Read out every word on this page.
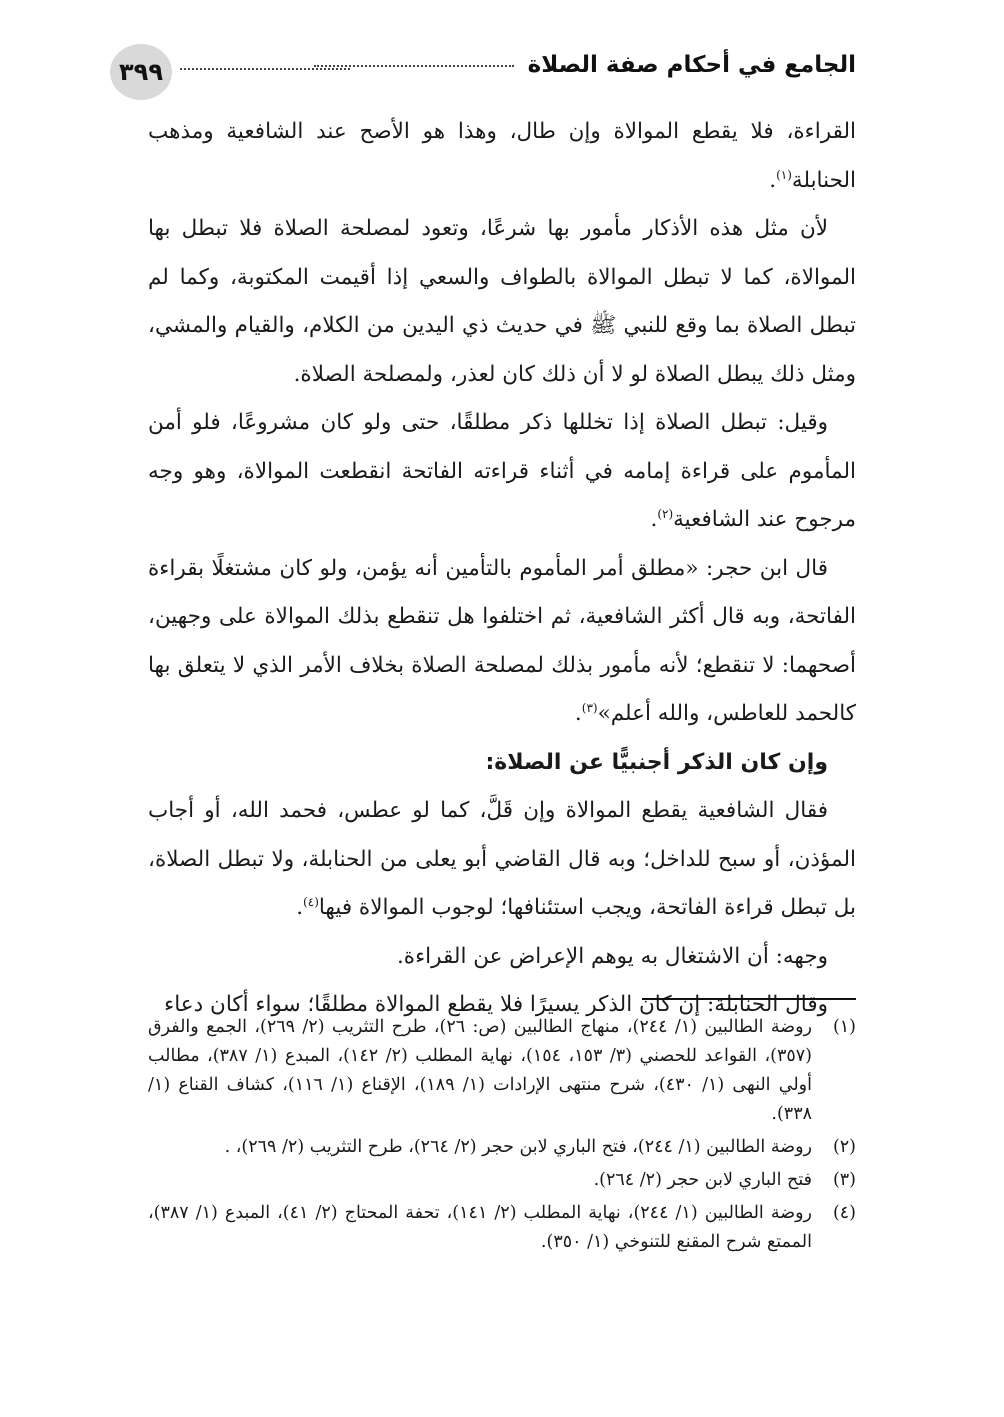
٣٩٩	الجامع في أحكام صفة الصلاة

القراءة، فلا يقطع الموالاة وإن طال، وهذا هو الأصح عند الشافعية ومذهب الحنابلة$^{(١)}$.

لأن مثل هذه الأذكار مأمور بها شرعًا، وتعود لمصلحة الصلاة فلا تبطل بها الموالاة، كما لا تبطل الموالاة بالطواف والسعي إذا أقيمت المكتوبة، وكما لم تبطل الصلاة بما وقع للنبي ﷺ في حديث ذي اليدين من الكلام، والقيام والمشي، ومثل ذلك يبطل الصلاة لو لا أن ذلك كان لعذر، ولمصلحة الصلاة.

وقيل: تبطل الصلاة إذا تخللها ذكر مطلقًا، حتى ولو كان مشروعًا، فلو أمن المأموم على قراءة إمامه في أثناء قراءته الفاتحة انقطعت الموالاة، وهو وجه مرجوح عند الشافعية$^{(٢)}$.

قال ابن حجر: «مطلق أمر المأموم بالتأمين أنه يؤمن، ولو كان مشتغلًا بقراءة الفاتحة، وبه قال أكثر الشافعية، ثم اختلفوا هل تنقطع بذلك الموالاة على وجهين، أصحهما: لا تنقطع؛ لأنه مأمور بذلك لمصلحة الصلاة بخلاف الأمر الذي لا يتعلق بها كالحمد للعاطس، والله أعلم»$^{(٣)}$.

وإن كان الذكر أجنبيًّا عن الصلاة:

فقال الشافعية يقطع الموالاة وإن قَلَّ، كما لو عطس، فحمد الله، أو أجاب المؤذن، أو سبح للداخل؛ وبه قال القاضي أبو يعلى من الحنابلة، ولا تبطل الصلاة، بل تبطل قراءة الفاتحة، ويجب استئنافها؛ لوجوب الموالاة فيها$^{(٤)}$.

وجهه: أن الاشتغال به يوهم الإعراض عن القراءة.

وقال الحنابلة: إن كان الذكر يسيرًا فلا يقطع الموالاة مطلقًا؛ سواء أكان دعاء

(١)
روضة الطالبين (١/ ٢٤٤)، منهاج الطالبين (ص: ٢٦)، طرح التثريب (٢/ ٢٦٩)، الجمع والفرق (٣٥٧)، القواعد للحصني (٣/ ١٥٣، ١٥٤)، نهاية المطلب (٢/ ١٤٢)، المبدع (١/ ٣٨٧)، مطالب أولي النهى (١/ ٤٣٠)، شرح منتهى الإرادات (١/ ١٨٩)، الإقناع (١/ ١١٦)، كشاف القناع (١/ ٣٣٨).
(٢)
روضة الطالبين (١/ ٢٤٤)، فتح الباري لابن حجر (٢/ ٢٦٤)، طرح التثريب (٢/ ٢٦٩)، .
(٣)
فتح الباري لابن حجر (٢/ ٢٦٤).
(٤)
روضة الطالبين (١/ ٢٤٤)، نهاية المطلب (٢/ ١٤١)، تحفة المحتاج (٢/ ٤١)، المبدع (١/ ٣٨٧)، الممتع شرح المقنع للتنوخي (١/ ٣٥٠).
